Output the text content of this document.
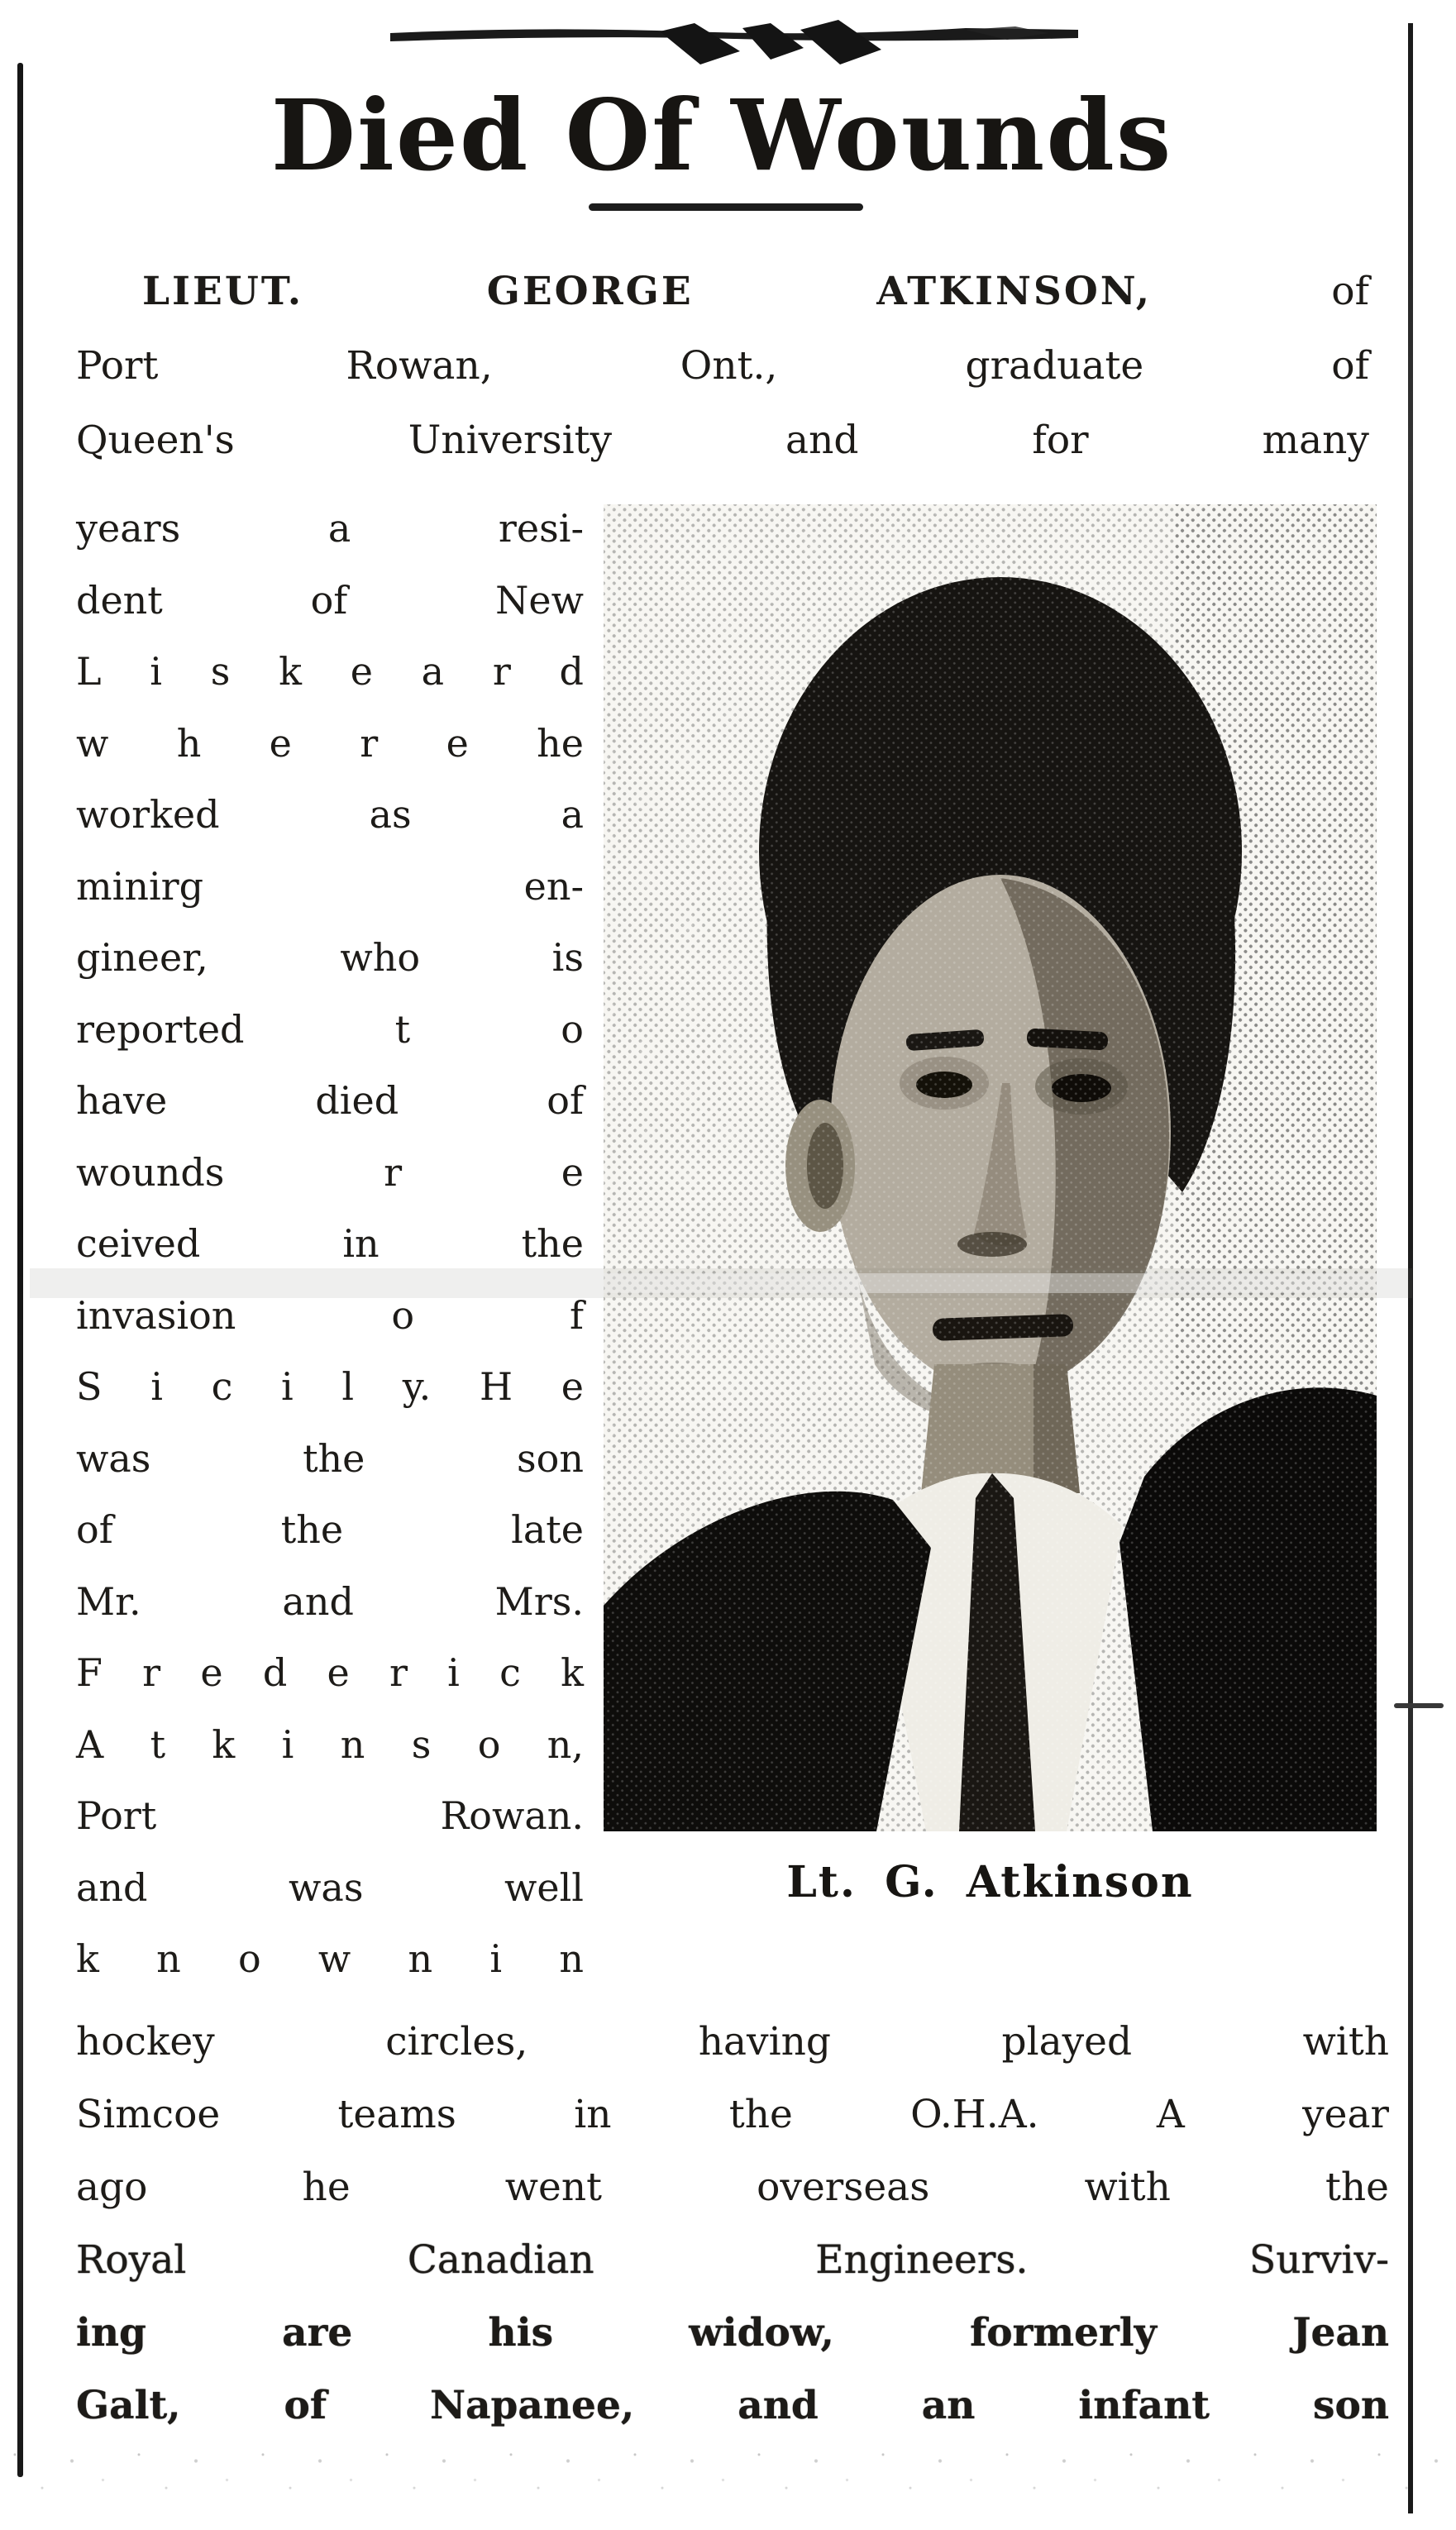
Died Of Wounds
LIEUT. GEORGE ATKINSON,	of
Port Rowan, Ont., graduate of
Queen's University and for many
years a resi-
dent of New
L i s k e a r d
w h e r e he
worked as a
minirg en-
gineer, who is
reported t o
have died of
wounds r e
ceived in the
invasion o f
S i c i l y. H e
was the son
of the late
Mr. and Mrs.
F r e d e r i c k
A t k i n s o n,
Port Rowan.
and was well
k n o w n i n
Lt. G. Atkinson
hockey circles, having played with
Simcoe teams in the O.H.A. A year
ago he went overseas with the
Royal Canadian Engineers. Surviv-
ing are his widow, formerly Jean
Galt, of Napanee, and an infant son
